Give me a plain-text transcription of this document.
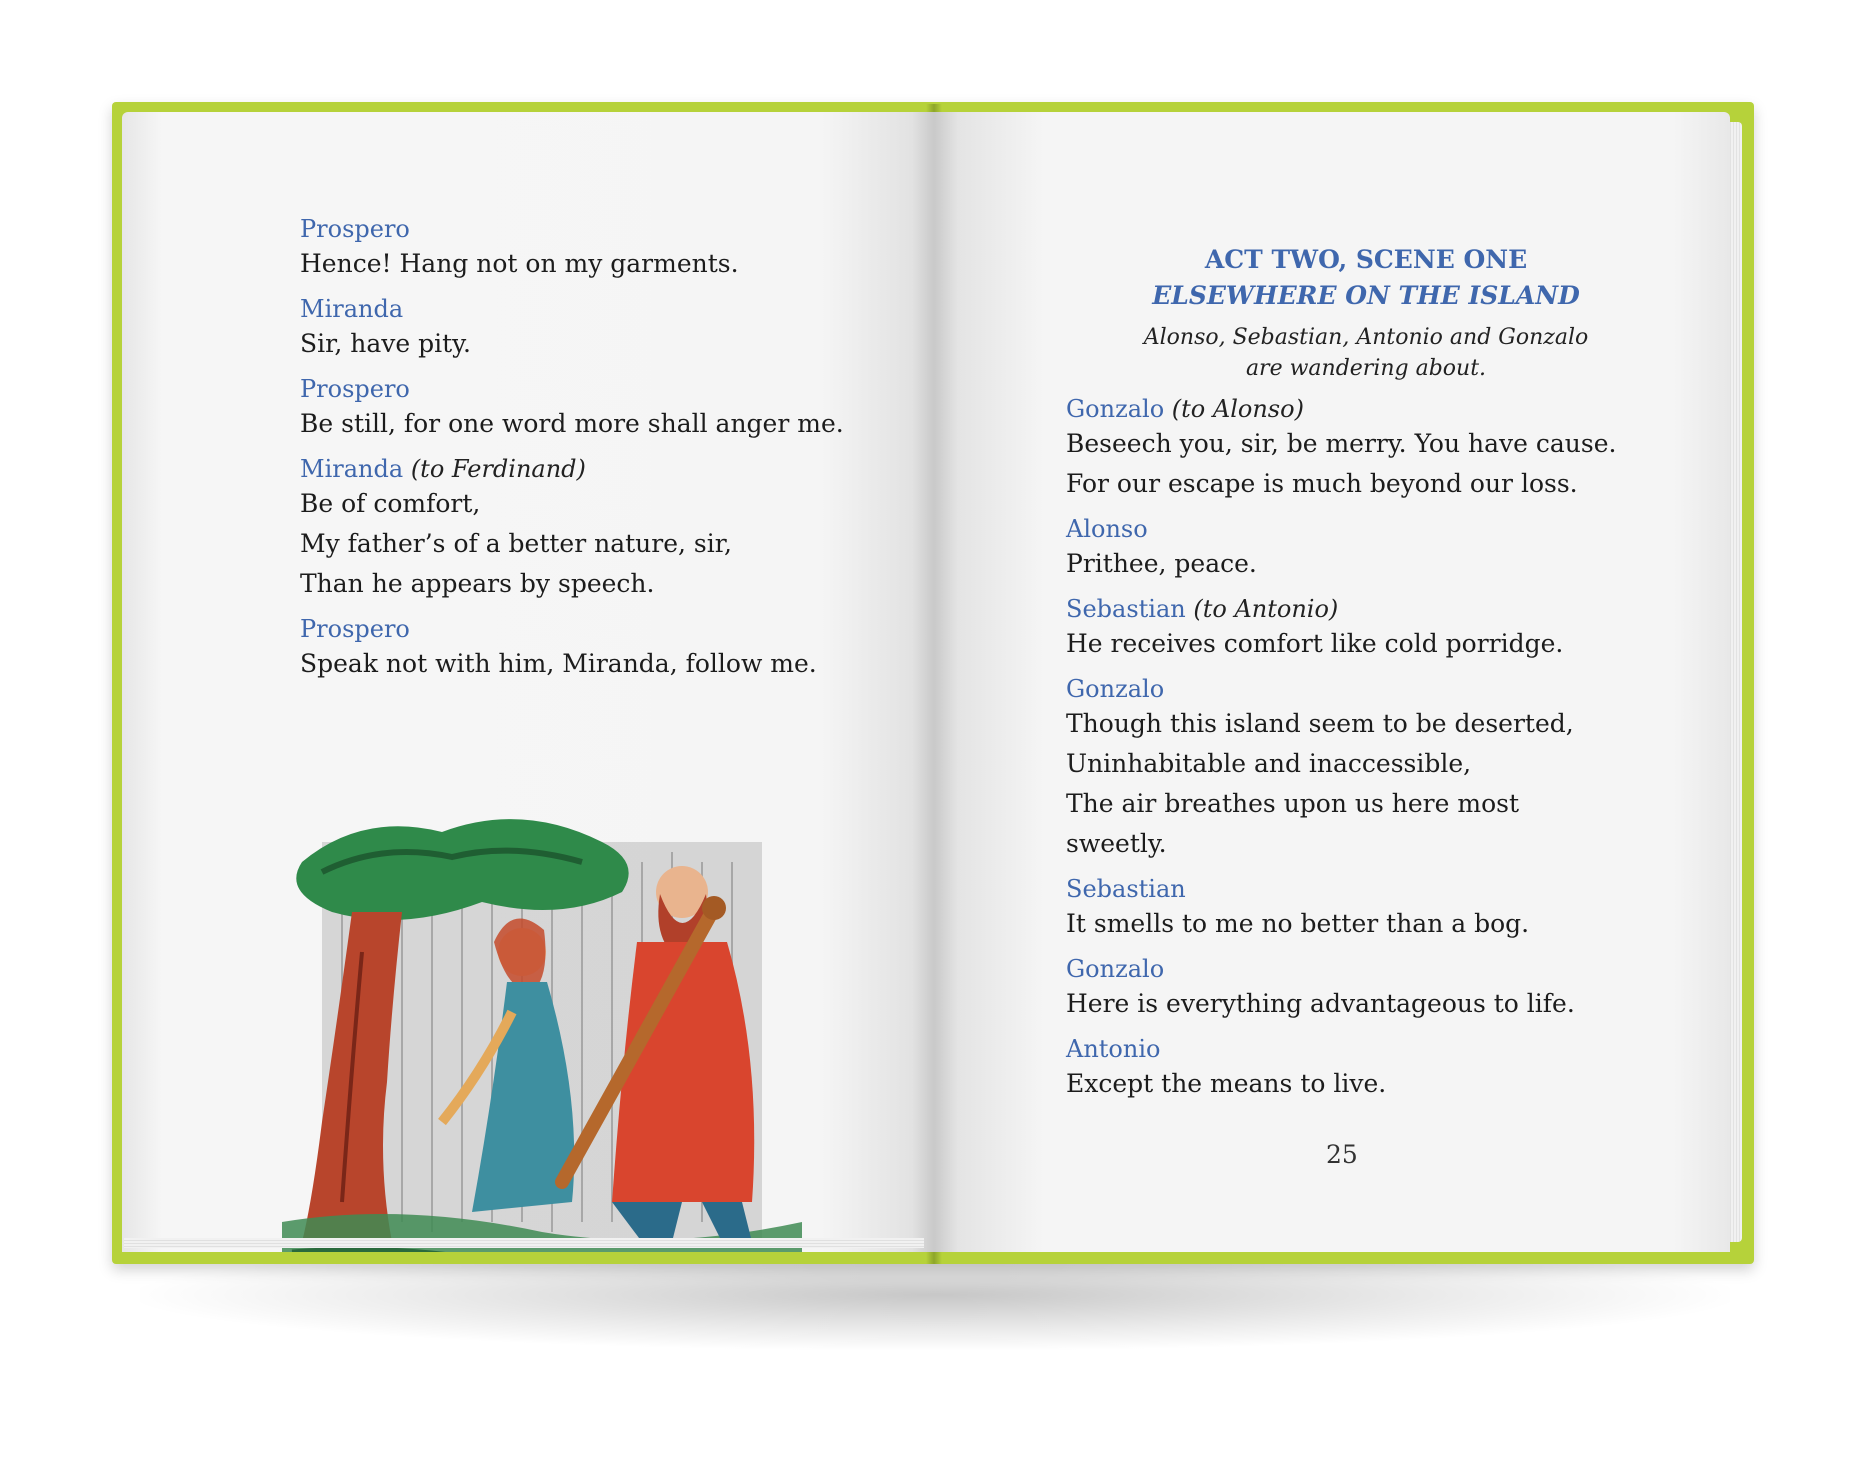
Prospero
Hence! Hang not on my garments.
Miranda
Sir, have pity.
Prospero
Be still, for one word more shall anger me.
Miranda (to Ferdinand)
Be of comfort,
My father’s of a better nature, sir,
Than he appears by speech.
Prospero
Speak not with him, Miranda, follow me.
ACT TWO, SCENE ONE
ELSEWHERE ON THE ISLAND
Alonso, Sebastian, Antonio and Gonzalo
are wandering about.
Gonzalo (to Alonso)
Beseech you, sir, be merry. You have cause.
For our escape is much beyond our loss.
Alonso
Prithee, peace.
Sebastian (to Antonio)
He receives comfort like cold porridge.
Gonzalo
Though this island seem to be deserted,
Uninhabitable and inaccessible,
The air breathes upon us here most sweetly.
Sebastian
It smells to me no better than a bog.
Gonzalo
Here is everything advantageous to life.
Antonio
Except the means to live.
25
